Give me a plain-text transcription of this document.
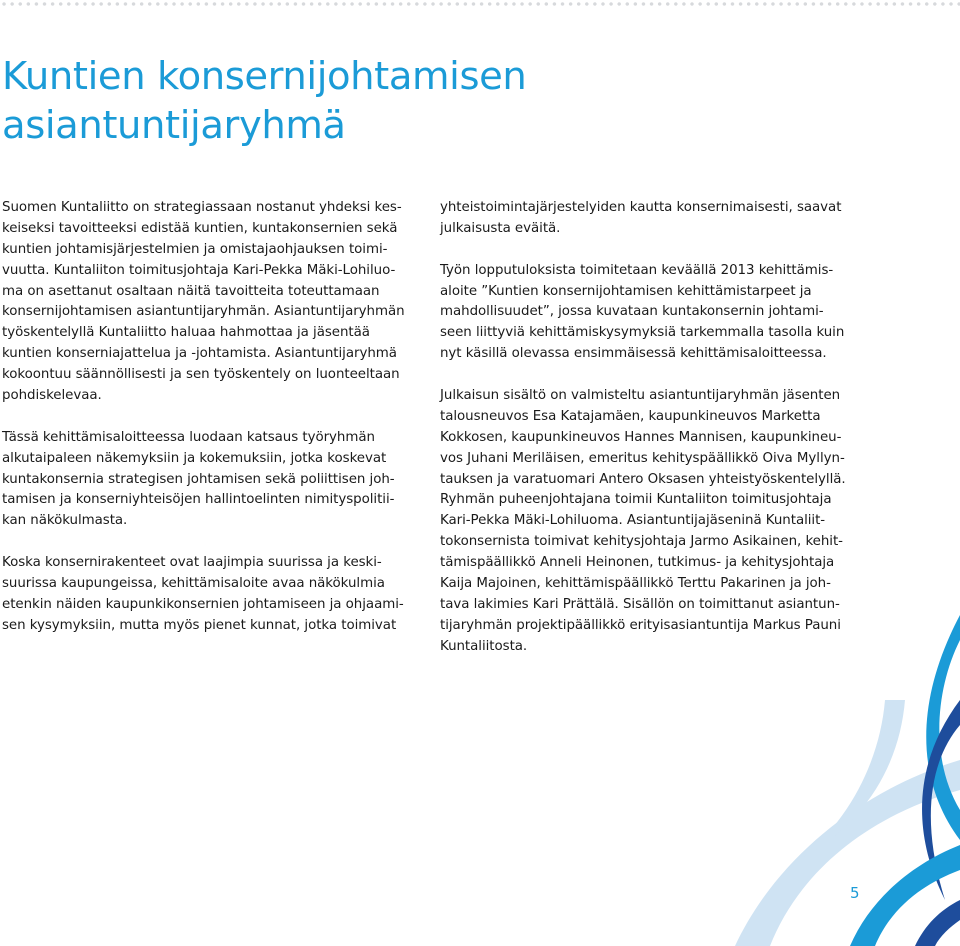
Kuntien konsernijohtamisen
asiantuntijaryhmä
Suomen Kuntaliitto on strategiassaan nostanut yhdeksi kes-
keiseksi tavoitteeksi edistää kuntien, kuntakonsernien sekä
kuntien johtamisjärjestelmien ja omistajaohjauksen toimi-
vuutta. Kuntaliiton toimitusjohtaja Kari-Pekka Mäki-Lohiluo-
ma on asettanut osaltaan näitä tavoitteita toteuttamaan
konsernijohtamisen asiantuntijaryhmän. Asiantuntijaryhmän
työskentelyllä Kuntaliitto haluaa hahmottaa ja jäsentää
kuntien konserniajattelua ja -johtamista. Asiantuntijaryhmä
kokoontuu säännöllisesti ja sen työskentely on luonteeltaan
pohdiskelevaa.
Tässä kehittämisaloitteessa luodaan katsaus työryhmän
alkutaipaleen näkemyksiin ja kokemuksiin, jotka koskevat
kuntakonsernia strategisen johtamisen sekä poliittisen joh-
tamisen ja konserniyhteisöjen hallintoelinten nimityspolitii-
kan näkökulmasta.
Koska konsernirakenteet ovat laajimpia suurissa ja keski-
suurissa kaupungeissa, kehittämisaloite avaa näkökulmia
etenkin näiden kaupunkikonsernien johtamiseen ja ohjaami-
sen kysymyksiin, mutta myös pienet kunnat, jotka toimivat
yhteistoimintajärjestelyiden kautta konsernimaisesti, saavat
julkaisusta eväitä.
Työn lopputuloksista toimitetaan keväällä 2013 kehittämis-
aloite ”Kuntien konsernijohtamisen kehittämistarpeet ja
mahdollisuudet”, jossa kuvataan kuntakonsernin johtami-
seen liittyviä kehittämiskysymyksiä tarkemmalla tasolla kuin
nyt käsillä olevassa ensimmäisessä kehittämisaloitteessa.
Julkaisun sisältö on valmisteltu asiantuntijaryhmän jäsenten
talousneuvos Esa Katajamäen, kaupunkineuvos Marketta
Kokkosen, kaupunkineuvos Hannes Mannisen, kaupunkineu-
vos Juhani Meriläisen, emeritus kehityspäällikkö Oiva Myllyn-
tauksen ja varatuomari Antero Oksasen yhteistyöskentelyllä.
Ryhmän puheenjohtajana toimii Kuntaliiton toimitusjohtaja
Kari-Pekka Mäki-Lohiluoma. Asiantuntijajäseninä Kuntaliit-
tokonsernista toimivat kehitysjohtaja Jarmo Asikainen, kehit-
tämispäällikkö Anneli Heinonen, tutkimus- ja kehitysjohtaja
Kaija Majoinen, kehittämispäällikkö Terttu Pakarinen ja joh-
tava lakimies Kari Prättälä. Sisällön on toimittanut asiantun-
tijaryhmän projektipäällikkö erityisasiantuntija Markus Pauni
Kuntaliitosta.
5
